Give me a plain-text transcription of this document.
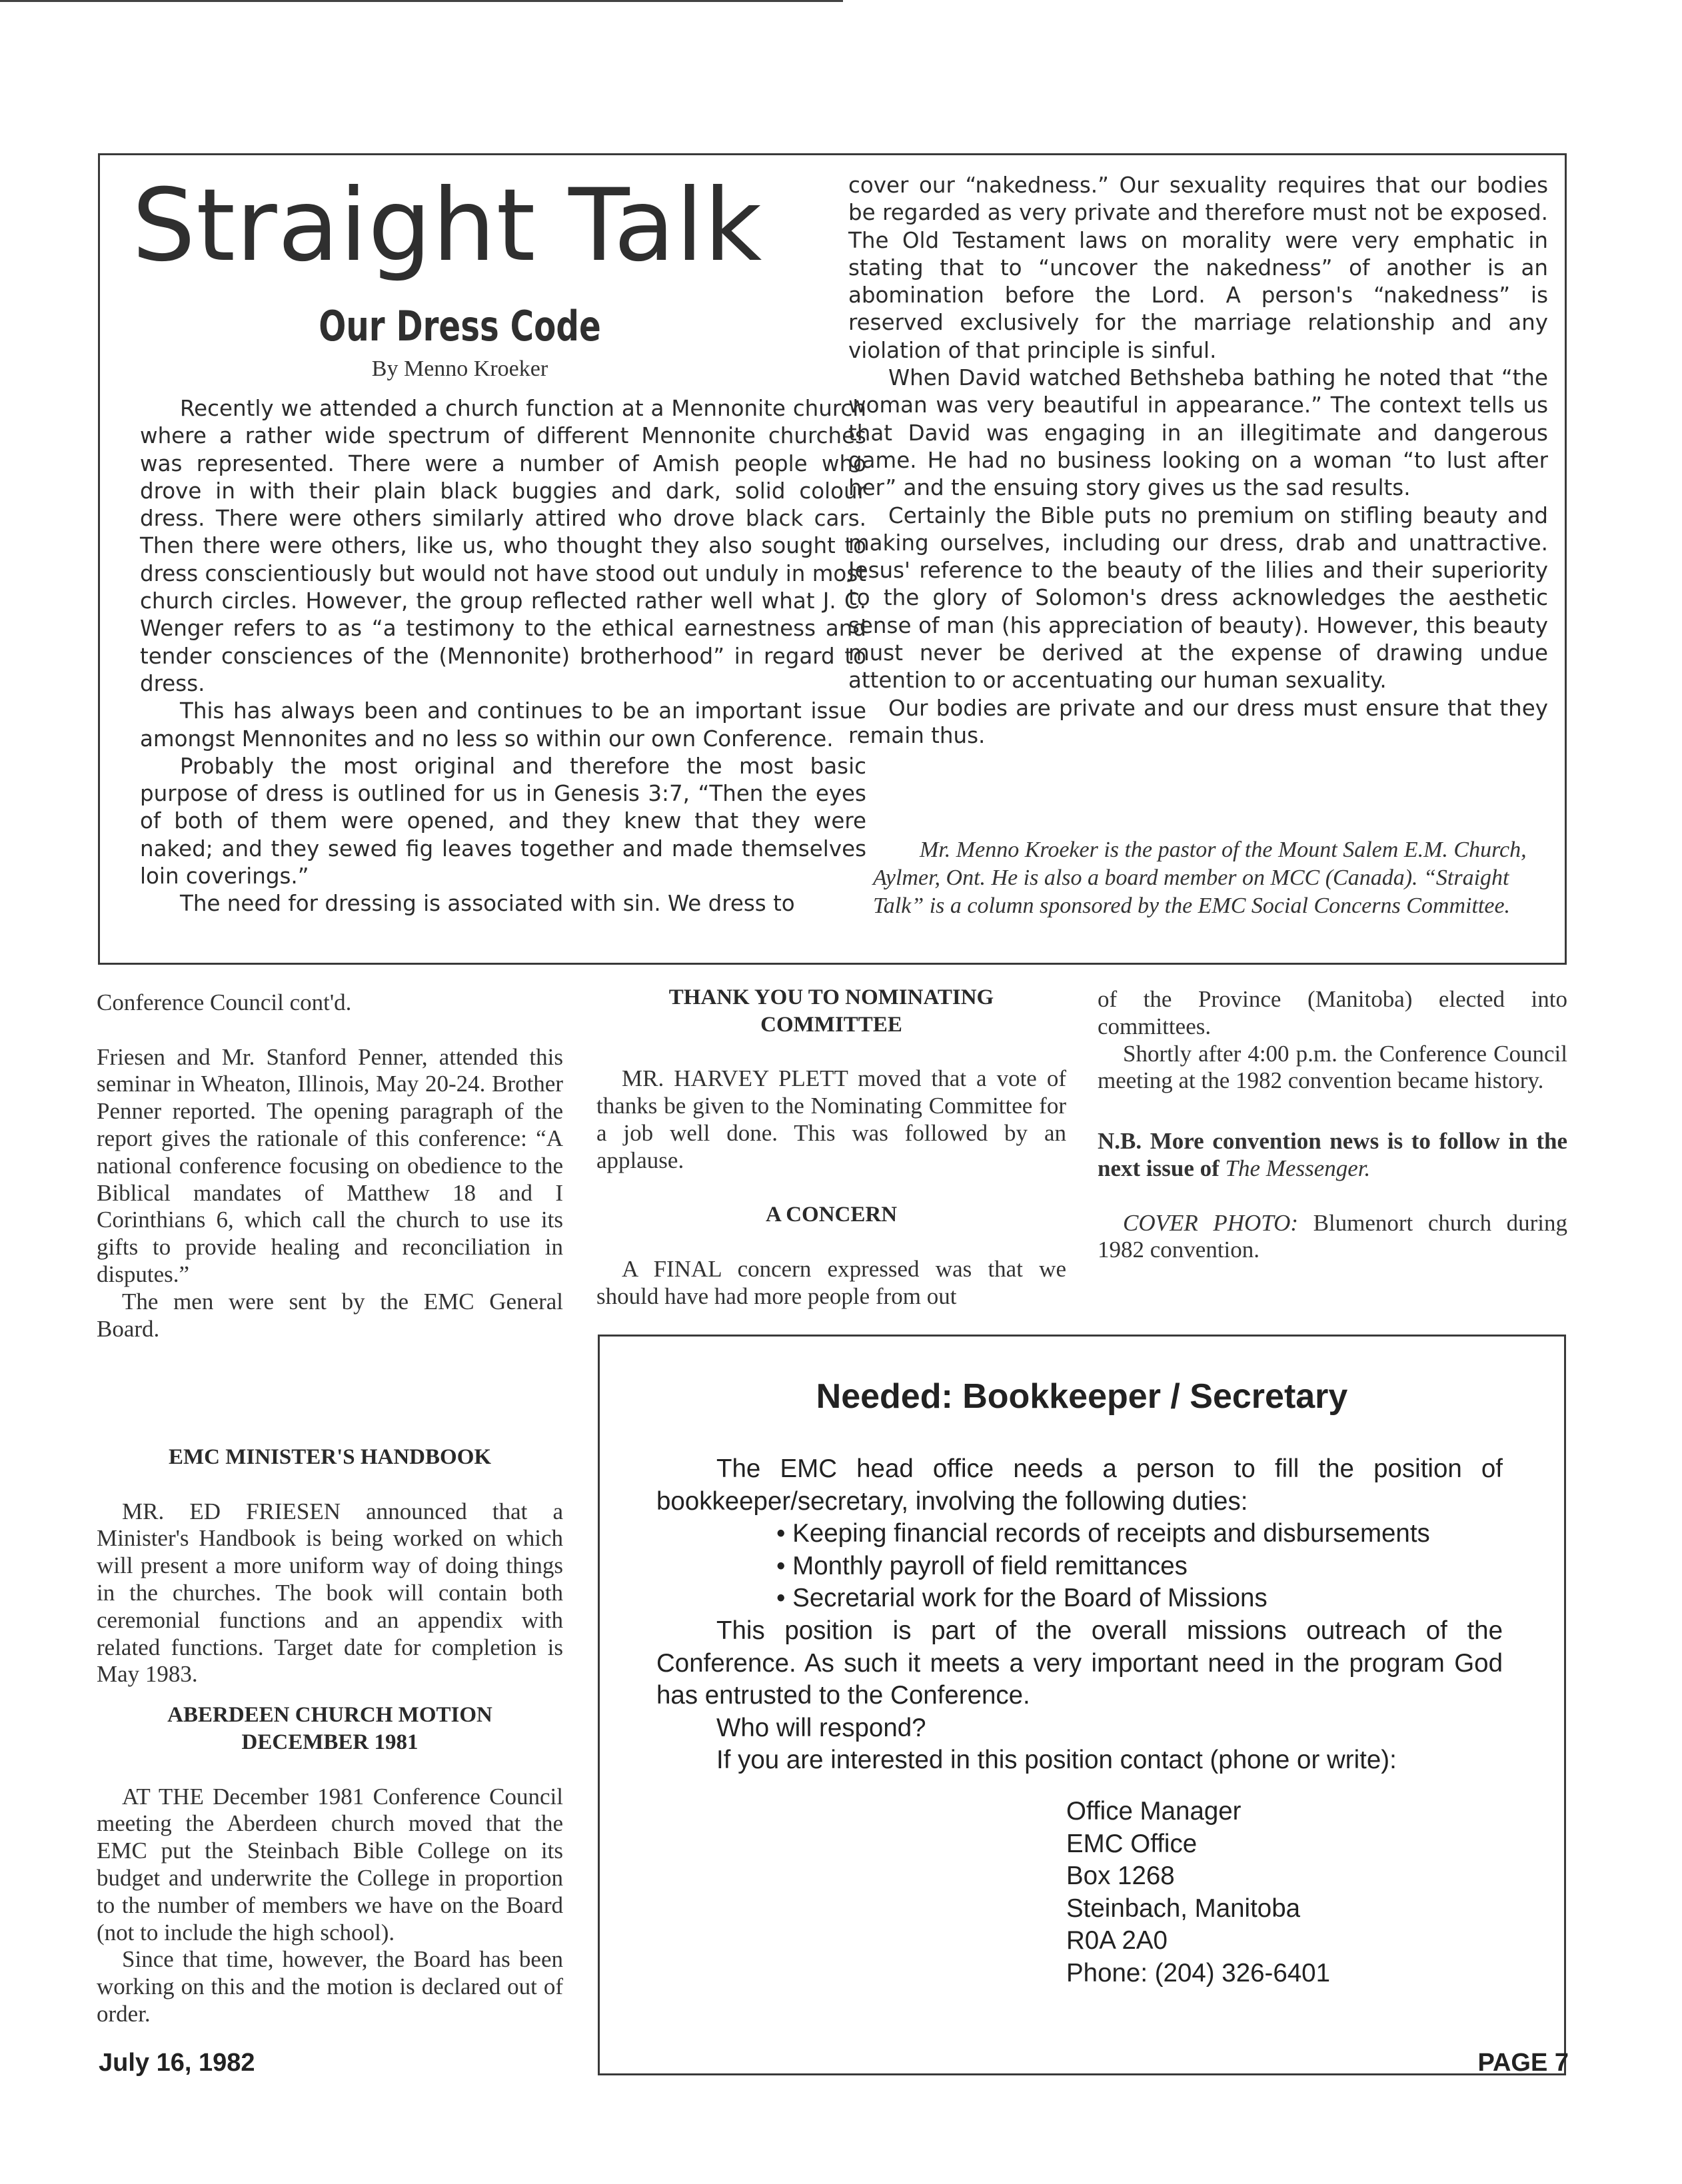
Straight Talk
Our Dress Code
By Menno Kroeker

Recently we attended a church function at a Mennonite church where a rather wide spectrum of different Mennonite churches was represented. There were a number of Amish people who drove in with their plain black buggies and dark, solid colour dress. There were others similarly attired who drove black cars. Then there were others, like us, who thought they also sought to dress conscientiously but would not have stood out unduly in most church circles. However, the group reflected rather well what J. C. Wenger refers to as “a testimony to the ethical earnestness and tender consciences of the (Mennonite) brotherhood” in regard to dress.

This has always been and continues to be an important issue amongst Mennonites and no less so within our own Conference.

Probably the most original and therefore the most basic purpose of dress is outlined for us in Genesis 3:7, “Then the eyes of both of them were opened, and they knew that they were naked; and they sewed fig leaves together and made themselves loin coverings.”

The need for dressing is associated with sin. We dress to

cover our “nakedness.” Our sexuality requires that our bodies be regarded as very private and therefore must not be exposed. The Old Testament laws on morality were very emphatic in stating that to “uncover the nakedness” of another is an abomination before the Lord. A person's “nakedness” is reserved exclusively for the marriage relationship and any violation of that principle is sinful.

When David watched Bethsheba bathing he noted that “the woman was very beautiful in appearance.” The context tells us that David was engaging in an illegitimate and dangerous game. He had no business looking on a woman “to lust after her” and the ensuing story gives us the sad results.

Certainly the Bible puts no premium on stifling beauty and making ourselves, including our dress, drab and unattractive. Jesus' reference to the beauty of the lilies and their superiority to the glory of Solomon's dress acknowledges the aesthetic sense of man (his appreciation of beauty). However, this beauty must never be derived at the expense of drawing undue attention to or accentuating our human sexuality.

Our bodies are private and our dress must ensure that they remain thus.

Mr. Menno Kroeker is the pastor of the Mount Salem E.M. Church, Aylmer, Ont. He is also a board member on MCC (Canada). “Straight Talk” is a column sponsored by the EMC Social Concerns Committee.

Conference Council cont'd.

Friesen and Mr. Stanford Penner, attended this seminar in Wheaton, Illinois, May 20-24. Brother Penner reported. The opening paragraph of the report gives the rationale of this conference: “A national conference focusing on obedience to the Biblical mandates of Matthew 18 and I Corinthians 6, which call the church to use its gifts to provide healing and reconciliation in disputes.”

The men were sent by the EMC General Board.

EMC MINISTER'S HANDBOOK

MR. ED FRIESEN announced that a Minister's Handbook is being worked on which will present a more uniform way of doing things in the churches. The book will contain both ceremonial functions and an appendix with related functions. Target date for completion is May 1983.

ABERDEEN CHURCH MOTION
DECEMBER 1981

AT THE December 1981 Conference Council meeting the Aberdeen church moved that the EMC put the Steinbach Bible College on its budget and underwrite the College in proportion to the number of members we have on the Board (not to include the high school).

Since that time, however, the Board has been working on this and the motion is declared out of order.

THANK YOU TO NOMINATING
COMMITTEE

MR. HARVEY PLETT moved that a vote of thanks be given to the Nominating Committee for a job well done. This was followed by an applause.

A CONCERN

A FINAL concern expressed was that we should have had more people from out

of the Province (Manitoba) elected into committees.

Shortly after 4:00 p.m. the Conference Council meeting at the 1982 convention became history.

N.B. More convention news is to follow in the next issue of The Messenger.

COVER PHOTO: Blumenort church during 1982 convention.

Needed: Bookkeeper / Secretary

The EMC head office needs a person to fill the position of bookkeeper/secretary, involving the following duties:

• Keeping financial records of receipts and disbursements

• Monthly payroll of field remittances

• Secretarial work for the Board of Missions

This position is part of the overall missions outreach of the Conference. As such it meets a very important need in the program God has entrusted to the Conference.

Who will respond?

If you are interested in this position contact (phone or write):

Office Manager

EMC Office

Box 1268

Steinbach, Manitoba

R0A 2A0

Phone: (204) 326-6401

July 16, 1982	PAGE 7
